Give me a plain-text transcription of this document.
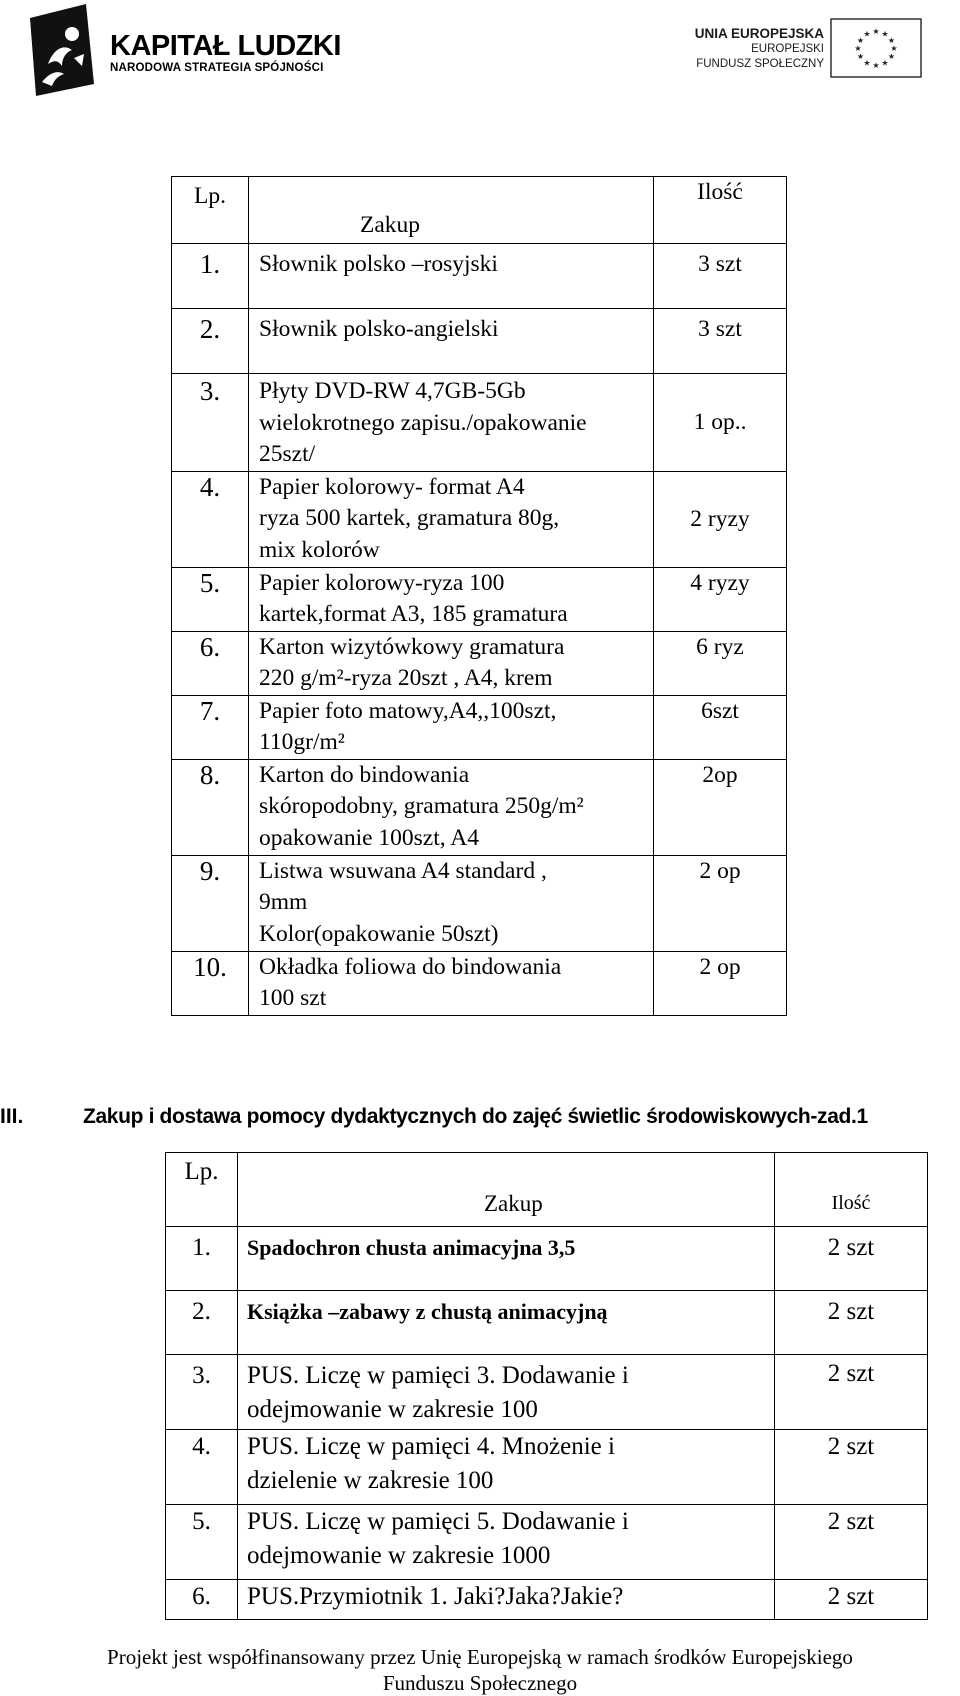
KAPITAŁ LUDZKI
NARODOWA STRATEGIA SPÓJNOŚCI
UNIA EUROPEJSKA
EUROPEJSKI
FUNDUSZ SPOŁECZNY
★ ★
★
★
★
★
★
★
★
★
★
★
Lp.	Zakup	Ilość

1.	Słownik polsko –rosyjski	3 szt
2.	Słownik polsko-angielski	3 szt
3.	Płyty DVD-RW 4,7GB-5Gb
wielokrotnego zapisu./opakowanie
25szt/	1 op..
4.	Papier kolorowy- format A4
ryza 500 kartek, gramatura 80g,
mix kolorów	2 ryzy
5.	Papier kolorowy-ryza 100
kartek,format A3, 185 gramatura	4 ryzy
6.	Karton wizytówkowy gramatura
220 g/m²-ryza 20szt , A4, krem	6 ryz
7.	Papier foto matowy,A4,,100szt,
110gr/m²	6szt
8.	Karton do bindowania
skóropodobny, gramatura 250g/m²
opakowanie 100szt, A4	2op
9.	Listwa wsuwana A4 standard ,
9mm
Kolor(opakowanie 50szt)	2 op
10.	Okładka foliowa do bindowania
100 szt	2 op
III.	Zakup i dostawa pomocy dydaktycznych do zajęć świetlic środowiskowych-zad.1
Lp.	Zakup	Ilość

1.	Spadochron chusta animacyjna 3,5	2 szt
2.	Książka –zabawy z chustą animacyjną	2 szt
3.	PUS. Liczę w pamięci 3. Dodawanie i
odejmowanie w zakresie 100	2 szt
4.	PUS. Liczę w pamięci 4. Mnożenie i
dzielenie w zakresie 100	2 szt
5.	PUS. Liczę w pamięci 5. Dodawanie i
odejmowanie w zakresie 1000	2 szt
6.	PUS.Przymiotnik 1. Jaki?Jaka?Jakie?	2 szt
Projekt jest współfinansowany przez Unię Europejską w ramach środków Europejskiego
Funduszu Społecznego
